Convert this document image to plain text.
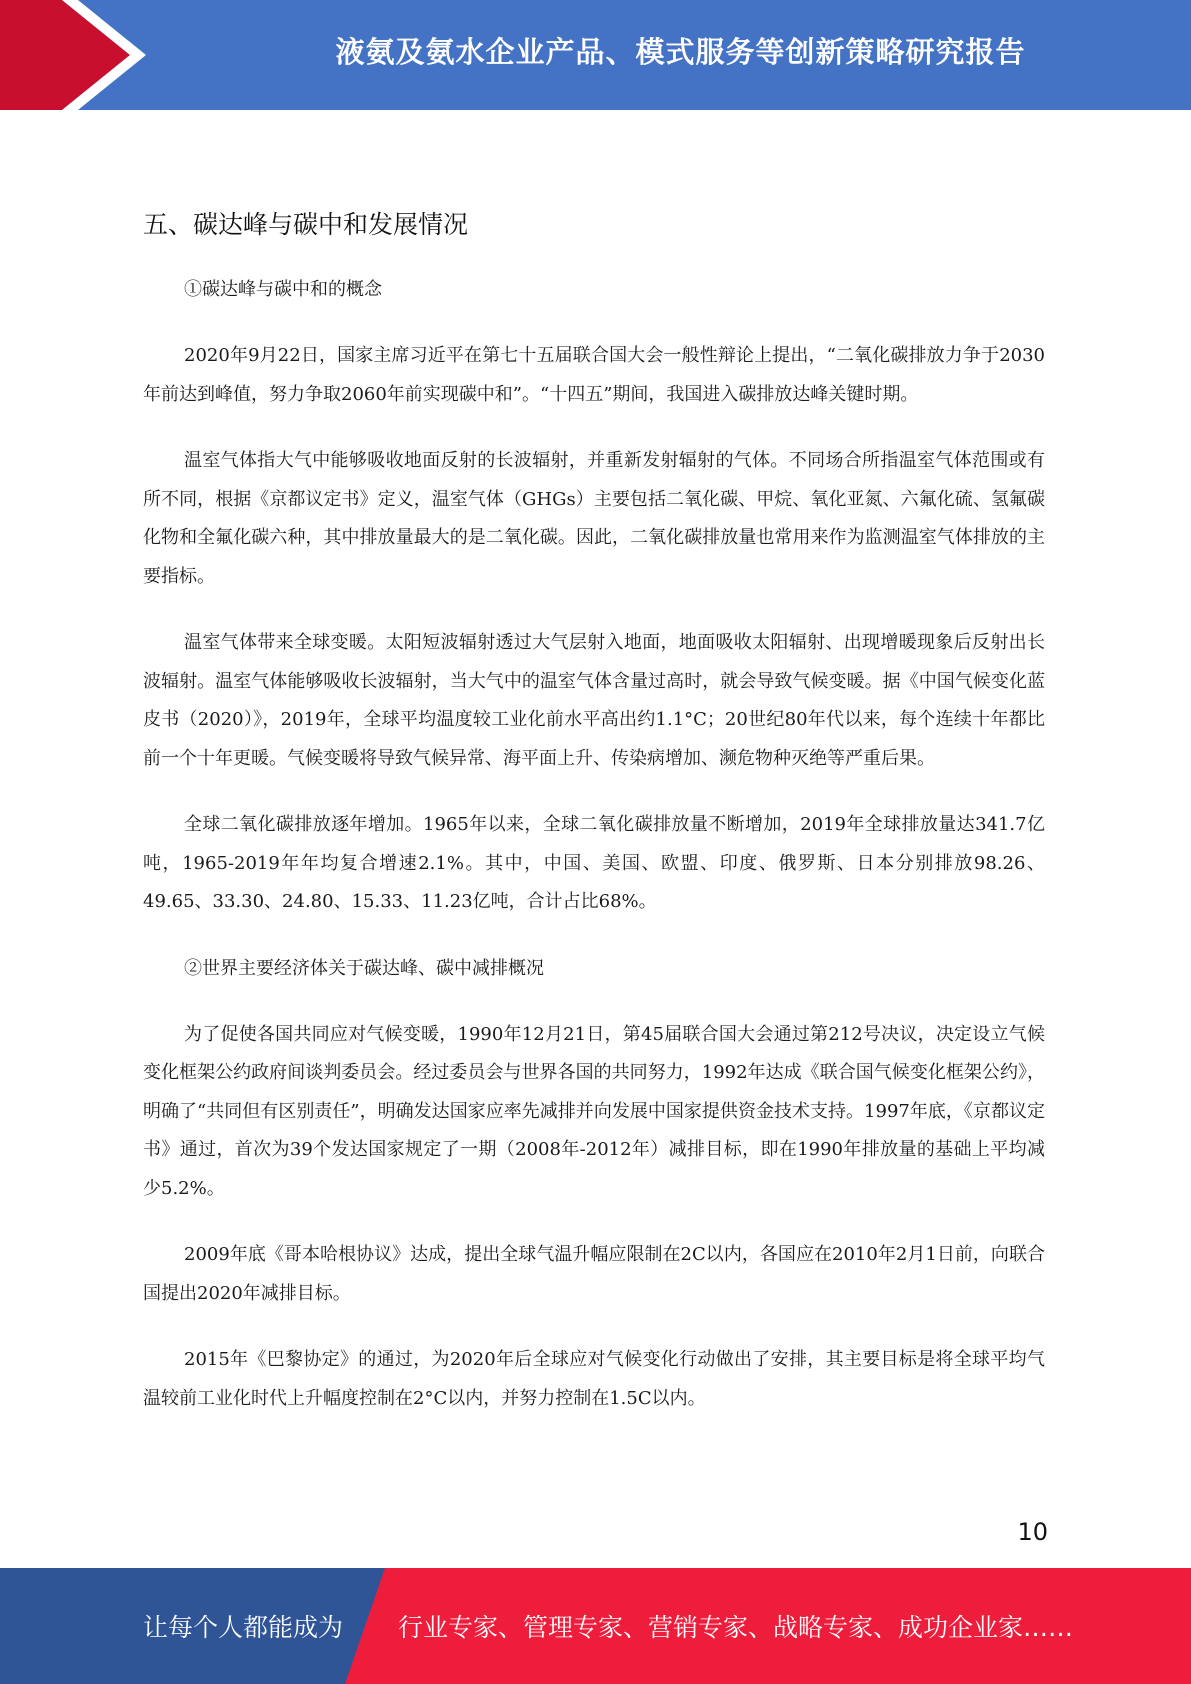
液氨及氨水企业产品、模式服务等创新策略研究报告
五、碳达峰与碳中和发展情况

①碳达峰与碳中和的概念

2020年9月22日，国家主席习近平在第七十五届联合国大会一般性辩论上提出，“二氧化碳排放力争于2030年前达到峰值，努力争取2060年前实现碳中和”。“十四五”期间，我国进入碳排放达峰关键时期。

温室气体指大气中能够吸收地面反射的长波辐射，并重新发射辐射的气体。不同场合所指温室气体范围或有所不同，根据《京都议定书》定义，温室气体（GHGs）主要包括二氧化碳、甲烷、氧化亚氮、六氟化硫、氢氟碳化物和全氟化碳六种，其中排放量最大的是二氧化碳。因此，二氧化碳排放量也常用来作为监测温室气体排放的主要指标。

温室气体带来全球变暖。太阳短波辐射透过大气层射入地面，地面吸收太阳辐射、出现增暖现象后反射出长波辐射。温室气体能够吸收长波辐射，当大气中的温室气体含量过高时，就会导致气候变暖。据《中国气候变化蓝皮书（2020）》，2019年，全球平均温度较工业化前水平高出约1.1°C；20世纪80年代以来，每个连续十年都比前一个十年更暖。气候变暖将导致气候异常、海平面上升、传染病增加、濒危物种灭绝等严重后果。

全球二氧化碳排放逐年增加。1965年以来，全球二氧化碳排放量不断增加，2019年全球排放量达341.7亿吨，1965-2019年年均复合增速2.1%。其中，中国、美国、欧盟、印度、俄罗斯、日本分别排放98.26、49.65、33.30、24.80、15.33、11.23亿吨，合计占比68%。

②世界主要经济体关于碳达峰、碳中减排概况

为了促使各国共同应对气候变暖，1990年12月21日，第45届联合国大会通过第212号决议，决定设立气候变化框架公约政府间谈判委员会。经过委员会与世界各国的共同努力，1992年达成《联合国气候变化框架公约》，明确了“共同但有区别责任”，明确发达国家应率先减排并向发展中国家提供资金技术支持。1997年底，《京都议定书》通过，首次为39个发达国家规定了一期（2008年-2012年）减排目标，即在1990年排放量的基础上平均减少5.2%。

2009年底《哥本哈根协议》达成，提出全球气温升幅应限制在2C以内，各国应在2010年2月1日前，向联合国提出2020年减排目标。

2015年《巴黎协定》的通过，为2020年后全球应对气候变化行动做出了安排，其主要目标是将全球平均气温较前工业化时代上升幅度控制在2°C以内，并努力控制在1.5C以内。

10
让每个人都能成为 行业专家、管理专家、营销专家、战略专家、成功企业家……
